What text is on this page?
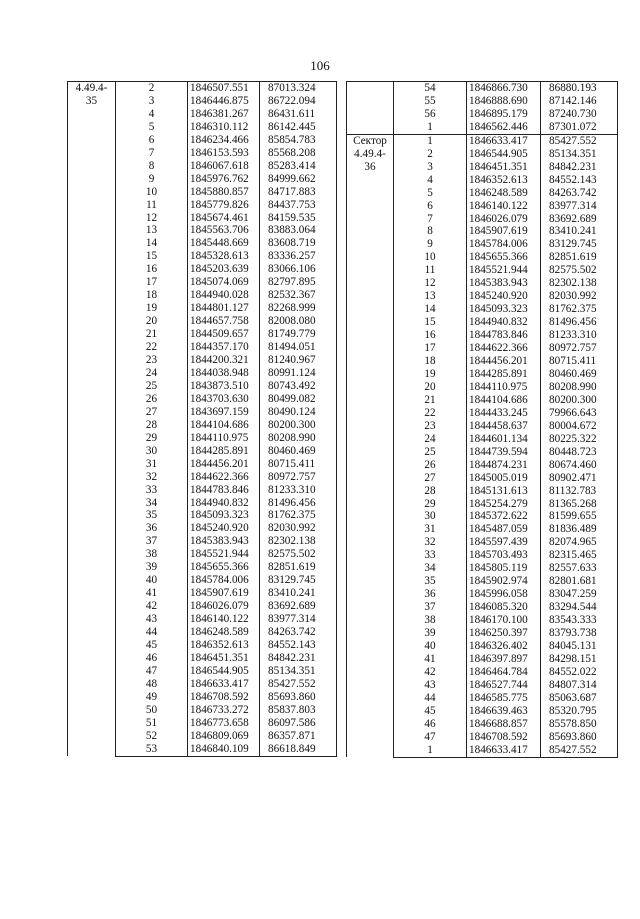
106
4.49.4-
35	2	1846507.551	87013.324
	3	1846446.875	86722.094
	4	1846381.267	86431.611
	5	1846310.112	86142.445
	6	1846234.466	85854.783
	7	1846153.593	85568.208
	8	1846067.618	85283.414
	9	1845976.762	84999.662
	10	1845880.857	84717.883
	11	1845779.826	84437.753
	12	1845674.461	84159.535
	13	1845563.706	83883.064
	14	1845448.669	83608.719
	15	1845328.613	83336.257
	16	1845203.639	83066.106
	17	1845074.069	82797.895
	18	1844940.028	82532.367
	19	1844801.127	82268.999
	20	1844657.758	82008.080
	21	1844509.657	81749.779
	22	1844357.170	81494.051
	23	1844200.321	81240.967
	24	1844038.948	80991.124
	25	1843873.510	80743.492
	26	1843703.630	80499.082
	27	1843697.159	80490.124
	28	1844104.686	80200.300
	29	1844110.975	80208.990
	30	1844285.891	80460.469
	31	1844456.201	80715.411
	32	1844622.366	80972.757
	33	1844783.846	81233.310
	34	1844940.832	81496.456
	35	1845093.323	81762.375
	36	1845240.920	82030.992
	37	1845383.943	82302.138
	38	1845521.944	82575.502
	39	1845655.366	82851.619
	40	1845784.006	83129.745
	41	1845907.619	83410.241
	42	1846026.079	83692.689
	43	1846140.122	83977.314
	44	1846248.589	84263.742
	45	1846352.613	84552.143
	46	1846451.351	84842.231
	47	1846544.905	85134.351
	48	1846633.417	85427.552
	49	1846708.592	85693.860
	50	1846733.272	85837.803
	51	1846773.658	86097.586
	52	1846809.069	86357.871
	53	1846840.109	86618.849
	54	1846866.730	86880.193
	55	1846888.690	87142.146
	56	1846895.179	87240.730
	1	1846562.446	87301.072

Сектор
4.49.4-
36	1	1846633.417	85427.552
	2	1846544.905	85134.351
	3	1846451.351	84842.231
	4	1846352.613	84552.143
	5	1846248.589	84263.742
	6	1846140.122	83977.314
	7	1846026.079	83692.689
	8	1845907.619	83410.241
	9	1845784.006	83129.745
	10	1845655.366	82851.619
	11	1845521.944	82575.502
	12	1845383.943	82302.138
	13	1845240.920	82030.992
	14	1845093.323	81762.375
	15	1844940.832	81496.456
	16	1844783.846	81233.310
	17	1844622.366	80972.757
	18	1844456.201	80715.411
	19	1844285.891	80460.469
	20	1844110.975	80208.990
	21	1844104.686	80200.300
	22	1844433.245	79966.643
	23	1844458.637	80004.672
	24	1844601.134	80225.322
	25	1844739.594	80448.723
	26	1844874.231	80674.460
	27	1845005.019	80902.471
	28	1845131.613	81132.783
	29	1845254.279	81365.268
	30	1845372.622	81599.655
	31	1845487.059	81836.489
	32	1845597.439	82074.965
	33	1845703.493	82315.465
	34	1845805.119	82557.633
	35	1845902.974	82801.681
	36	1845996.058	83047.259
	37	1846085.320	83294.544
	38	1846170.100	83543.333
	39	1846250.397	83793.738
	40	1846326.402	84045.131
	41	1846397.897	84298.151
	42	1846464.784	84552.022
	43	1846527.744	84807.314
	44	1846585.775	85063.687
	45	1846639.463	85320.795
	46	1846688.857	85578.850
	47	1846708.592	85693.860
	1	1846633.417	85427.552
